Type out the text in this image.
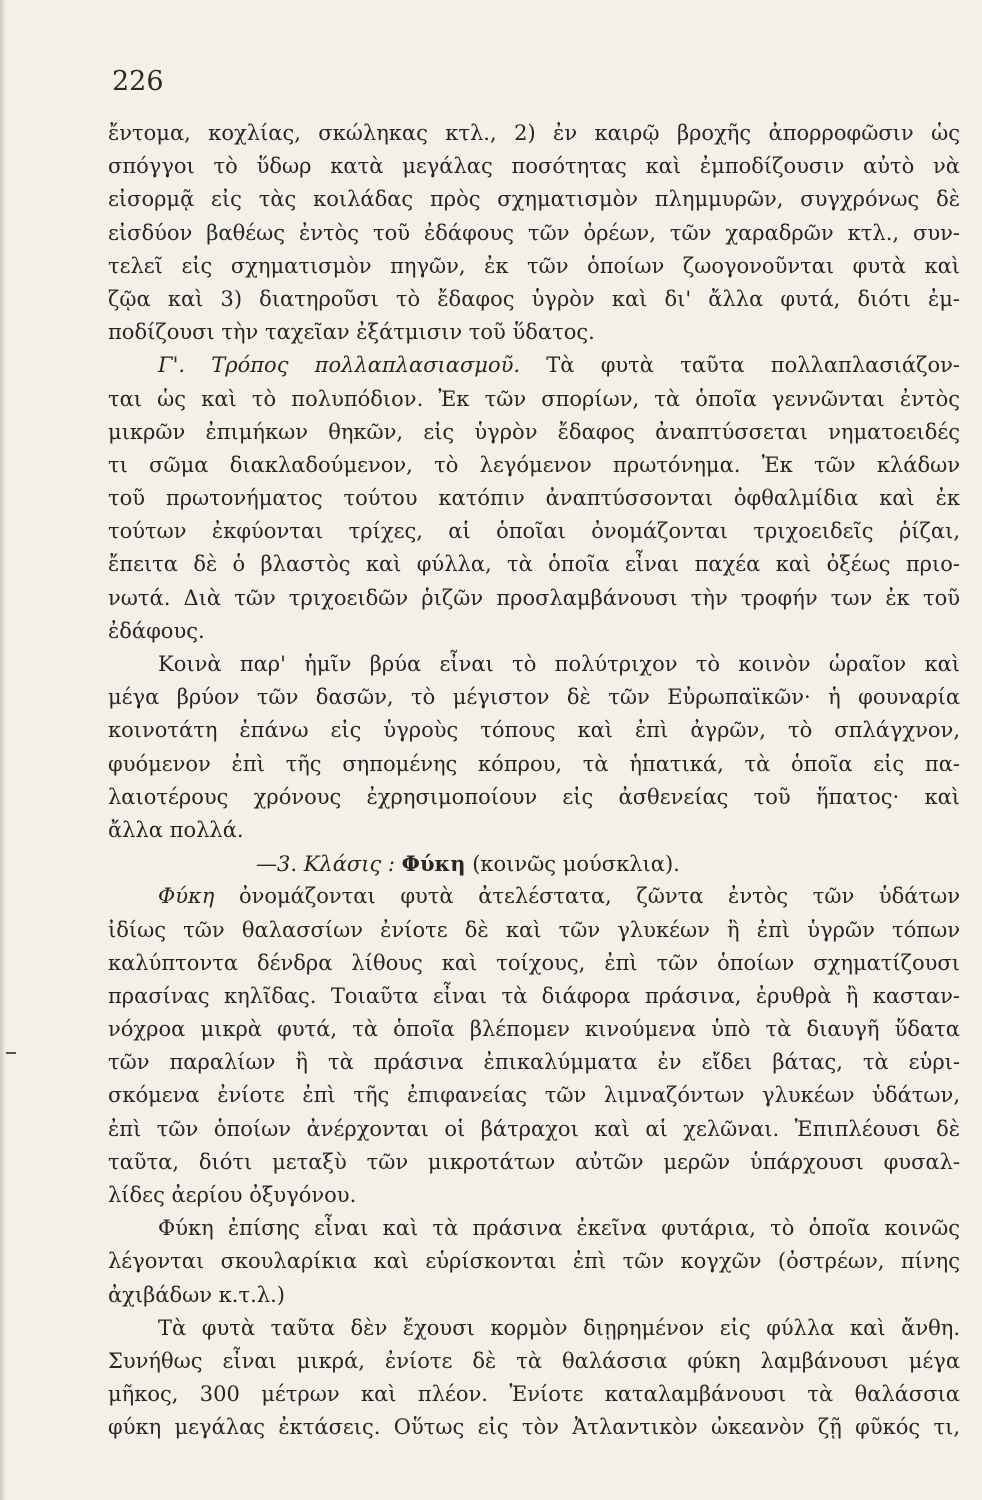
226
ἔντομα, κοχλίας, σκώληκας κτλ., 2) ἐν καιρῷ βροχῆς ἀπορροφῶσιν ὡς
σπόγγοι τὸ ὕδωρ κατὰ μεγάλας ποσότητας καὶ ἐμποδίζουσιν αὐτὸ νὰ
εἰσορμᾷ εἰς τὰς κοιλάδας πρὸς σχηματισμὸν πλημμυρῶν, συγχρόνως δὲ
εἰσδύον βαθέως ἐντὸς τοῦ ἐδάφους τῶν ὀρέων, τῶν χαραδρῶν κτλ., συν-
τελεῖ εἰς σχηματισμὸν πηγῶν, ἐκ τῶν ὁποίων ζωογονοῦνται φυτὰ καὶ
ζῷα καὶ 3) διατηροῦσι τὸ ἔδαφος ὑγρὸν καὶ δι' ἄλλα φυτά, διότι ἐμ-
ποδίζουσι τὴν ταχεῖαν ἐξάτμισιν τοῦ ὕδατος.
Γ'. Τρόπος πολλαπλασιασμοῦ. Τὰ φυτὰ ταῦτα πολλαπλασιάζον-
ται ὡς καὶ τὸ πολυπόδιον. Ἐκ τῶν σπορίων, τὰ ὁποῖα γεννῶνται ἐντὸς
μικρῶν ἐπιμήκων θηκῶν, εἰς ὑγρὸν ἔδαφος ἀναπτύσσεται νηματοειδές
τι σῶμα διακλαδούμενον, τὸ λεγόμενον πρωτόνημα. Ἐκ τῶν κλάδων
τοῦ πρωτονήματος τούτου κατόπιν ἀναπτύσσονται ὀφθαλμίδια καὶ ἐκ
τούτων ἐκφύονται τρίχες, αἱ ὁποῖαι ὀνομάζονται τριχοειδεῖς ῥίζαι,
ἔπειτα δὲ ὁ βλαστὸς καὶ φύλλα, τὰ ὁποῖα εἶναι παχέα καὶ ὀξέως πριο-
νωτά. Διὰ τῶν τριχοειδῶν ῥιζῶν προσλαμβάνουσι τὴν τροφήν των ἐκ τοῦ
ἐδάφους.
Κοινὰ παρ' ἡμῖν βρύα εἶναι τὸ πολύτριχον τὸ κοινὸν ὡραῖον καὶ
μέγα βρύον τῶν δασῶν, τὸ μέγιστον δὲ τῶν Εὐρωπαϊκῶν· ἡ φουναρία
κοινοτάτη ἐπάνω εἰς ὑγροὺς τόπους καὶ ἐπὶ ἀγρῶν, τὸ σπλάγχνον,
φυόμενον ἐπὶ τῆς σηπομένης κόπρου, τὰ ἡπατικά, τὰ ὁποῖα εἰς πα-
λαιοτέρους χρόνους ἐχρησιμοποίουν εἰς ἀσθενείας τοῦ ἥπατος· καὶ
ἄλλα πολλά.
—3. Κλάσις : Φύκη (κοινῶς μούσκλια).
Φύκη ὀνομάζονται φυτὰ ἀτελέστατα, ζῶντα ἐντὸς τῶν ὑδάτων
ἰδίως τῶν θαλασσίων ἐνίοτε δὲ καὶ τῶν γλυκέων ἢ ἐπὶ ὑγρῶν τόπων
καλύπτοντα δένδρα λίθους καὶ τοίχους, ἐπὶ τῶν ὁποίων σχηματίζουσι
πρασίνας κηλῖδας. Τοιαῦτα εἶναι τὰ διάφορα πράσινα, ἐρυθρὰ ἢ κασταν-
νόχροα μικρὰ φυτά, τὰ ὁποῖα βλέπομεν κινούμενα ὑπὸ τὰ διαυγῆ ὕδατα
τῶν παραλίων ἢ τὰ πράσινα ἐπικαλύμματα ἐν εἴδει βάτας, τὰ εὑρι-
σκόμενα ἐνίοτε ἐπὶ τῆς ἐπιφανείας τῶν λιμναζόντων γλυκέων ὑδάτων,
ἐπὶ τῶν ὁποίων ἀνέρχονται οἱ βάτραχοι καὶ αἱ χελῶναι. Ἐπιπλέουσι δὲ
ταῦτα, διότι μεταξὺ τῶν μικροτάτων αὐτῶν μερῶν ὑπάρχουσι φυσαλ-
λίδες ἀερίου ὀξυγόνου.
Φύκη ἐπίσης εἶναι καὶ τὰ πράσινα ἐκεῖνα φυτάρια, τὸ ὁποῖα κοινῶς
λέγονται σκουλαρίκια καὶ εὑρίσκονται ἐπὶ τῶν κογχῶν (ὀστρέων, πίνης
ἀχιβάδων κ.τ.λ.)
Τὰ φυτὰ ταῦτα δὲν ἔχουσι κορμὸν διῃρημένον εἰς φύλλα καὶ ἄνθη.
Συνήθως εἶναι μικρά, ἐνίοτε δὲ τὰ θαλάσσια φύκη λαμβάνουσι μέγα
μῆκος, 300 μέτρων καὶ πλέον. Ἐνίοτε καταλαμβάνουσι τὰ θαλάσσια
φύκη μεγάλας ἐκτάσεις. Οὕτως εἰς τὸν Ἀτλαντικὸν ὠκεανὸν ζῇ φῦκός τι,
